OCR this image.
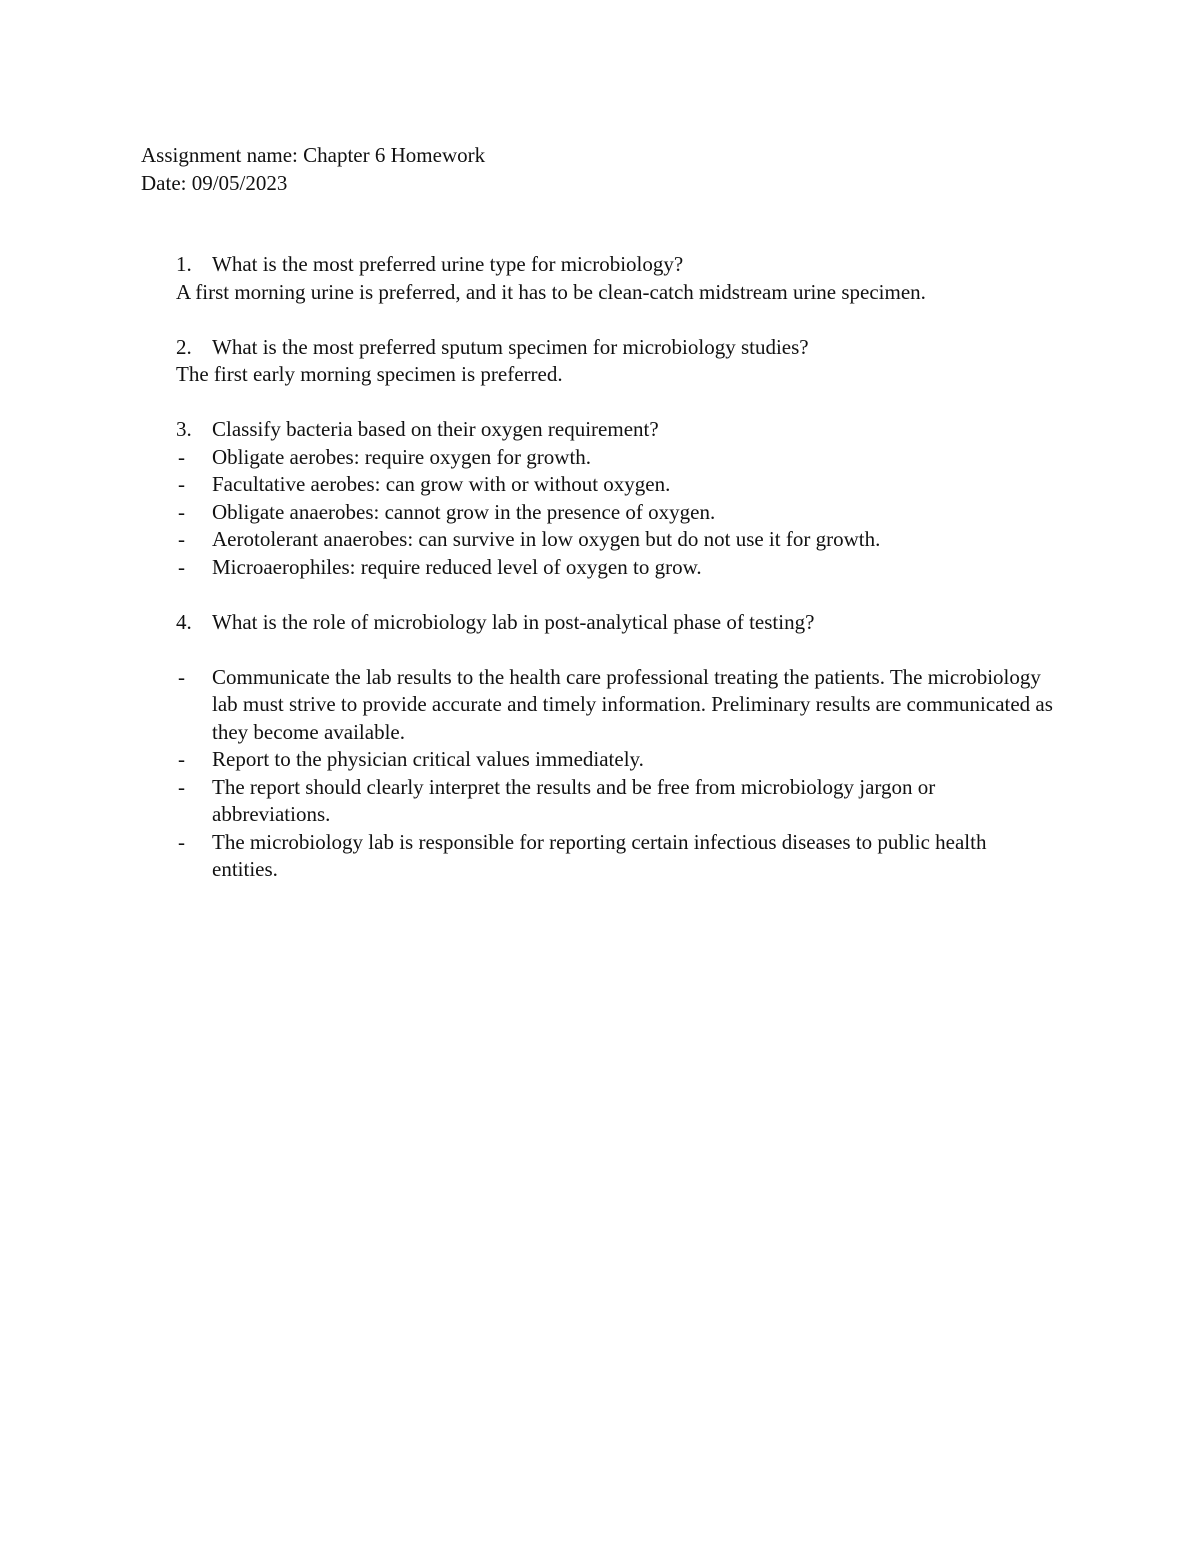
Assignment name: Chapter 6 Homework
Date: 09/05/2023
1. What is the most preferred urine type for microbiology?
A first morning urine is preferred, and it has to be clean-catch midstream urine specimen.
2. What is the most preferred sputum specimen for microbiology studies?
The first early morning specimen is preferred.
3. Classify bacteria based on their oxygen requirement?
-	Obligate aerobes: require oxygen for growth.
-	Facultative aerobes: can grow with or without oxygen.
-	Obligate anaerobes: cannot grow in the presence of oxygen.
-	Aerotolerant anaerobes: can survive in low oxygen but do not use it for growth.
-	Microaerophiles: require reduced level of oxygen to grow.
4. What is the role of microbiology lab in post-analytical phase of testing?
-	Communicate the lab results to the health care professional treating the patients. The microbiology lab must strive to provide accurate and timely information. Preliminary results are communicated as they become available.
-	Report to the physician critical values immediately.
-	The report should clearly interpret the results and be free from microbiology jargon or abbreviations.
-	The microbiology lab is responsible for reporting certain infectious diseases to public health entities.
